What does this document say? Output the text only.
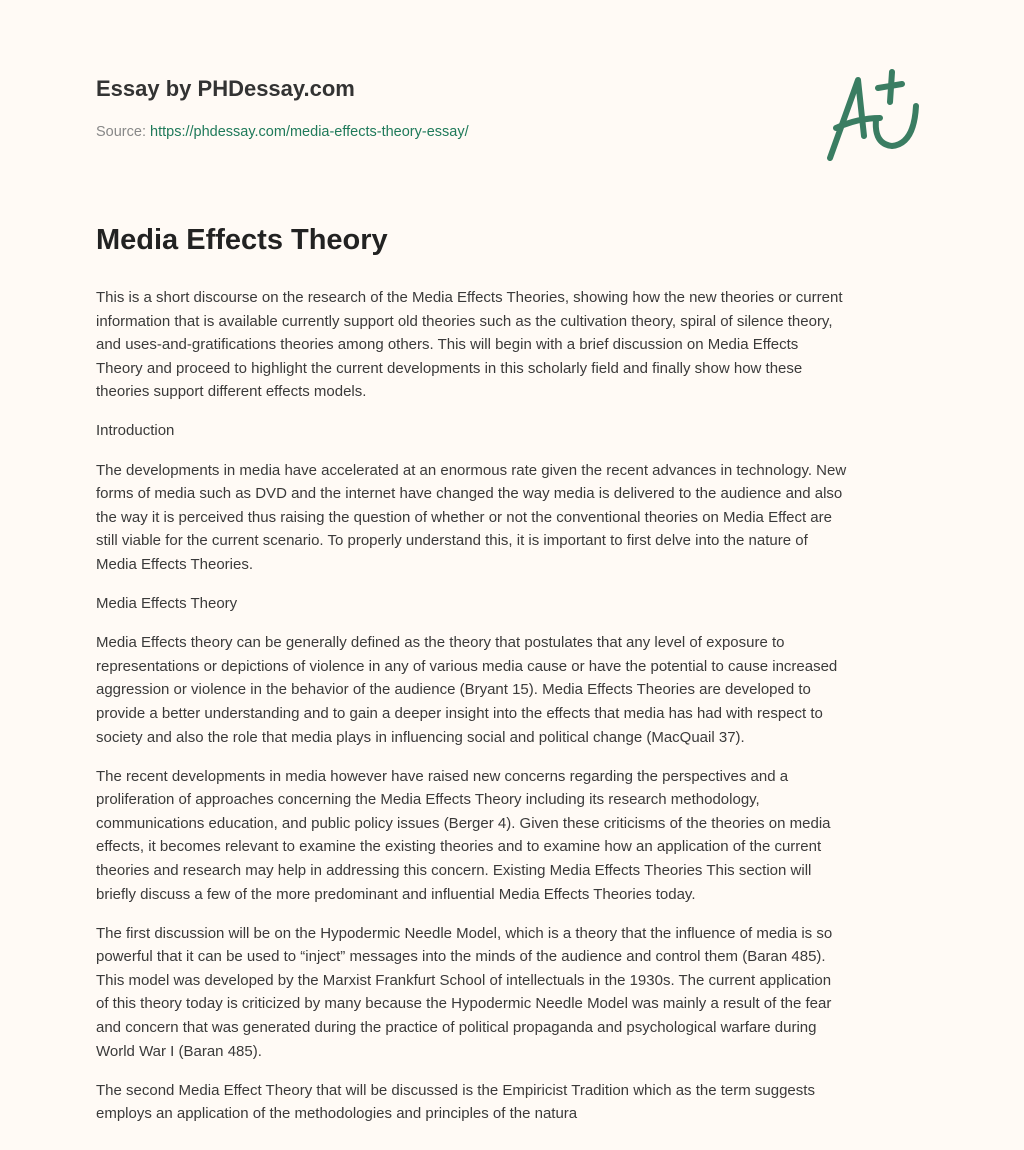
Essay by PHDessay.com
Source: https://phdessay.com/media-effects-theory-essay/
Media Effects Theory

This is a short discourse on the research of the Media Effects Theories, showing how the new theories or current
information that is available currently support old theories such as the cultivation theory, spiral of silence theory,
and uses-and-gratifications theories among others. This will begin with a brief discussion on Media Effects
Theory and proceed to highlight the current developments in this scholarly field and finally show how these
theories support different effects models.

Introduction

The developments in media have accelerated at an enormous rate given the recent advances in technology. New
forms of media such as DVD and the internet have changed the way media is delivered to the audience and also
the way it is perceived thus raising the question of whether or not the conventional theories on Media Effect are
still viable for the current scenario. To properly understand this, it is important to first delve into the nature of
Media Effects Theories.

Media Effects Theory

Media Effects theory can be generally defined as the theory that postulates that any level of exposure to
representations or depictions of violence in any of various media cause or have the potential to cause increased
aggression or violence in the behavior of the audience (Bryant 15). Media Effects Theories are developed to
provide a better understanding and to gain a deeper insight into the effects that media has had with respect to
society and also the role that media plays in influencing social and political change (MacQuail 37).

The recent developments in media however have raised new concerns regarding the perspectives and a
proliferation of approaches concerning the Media Effects Theory including its research methodology,
communications education, and public policy issues (Berger 4). Given these criticisms of the theories on media
effects, it becomes relevant to examine the existing theories and to examine how an application of the current
theories and research may help in addressing this concern. Existing Media Effects Theories This section will
briefly discuss a few of the more predominant and influential Media Effects Theories today.

The first discussion will be on the Hypodermic Needle Model, which is a theory that the influence of media is so
powerful that it can be used to “inject” messages into the minds of the audience and control them (Baran 485).
This model was developed by the Marxist Frankfurt School of intellectuals in the 1930s. The current application
of this theory today is criticized by many because the Hypodermic Needle Model was mainly a result of the fear
and concern that was generated during the practice of political propaganda and psychological warfare during
World War I (Baran 485).

The second Media Effect Theory that will be discussed is the Empiricist Tradition which as the term suggests
employs an application of the methodologies and principles of the natura
